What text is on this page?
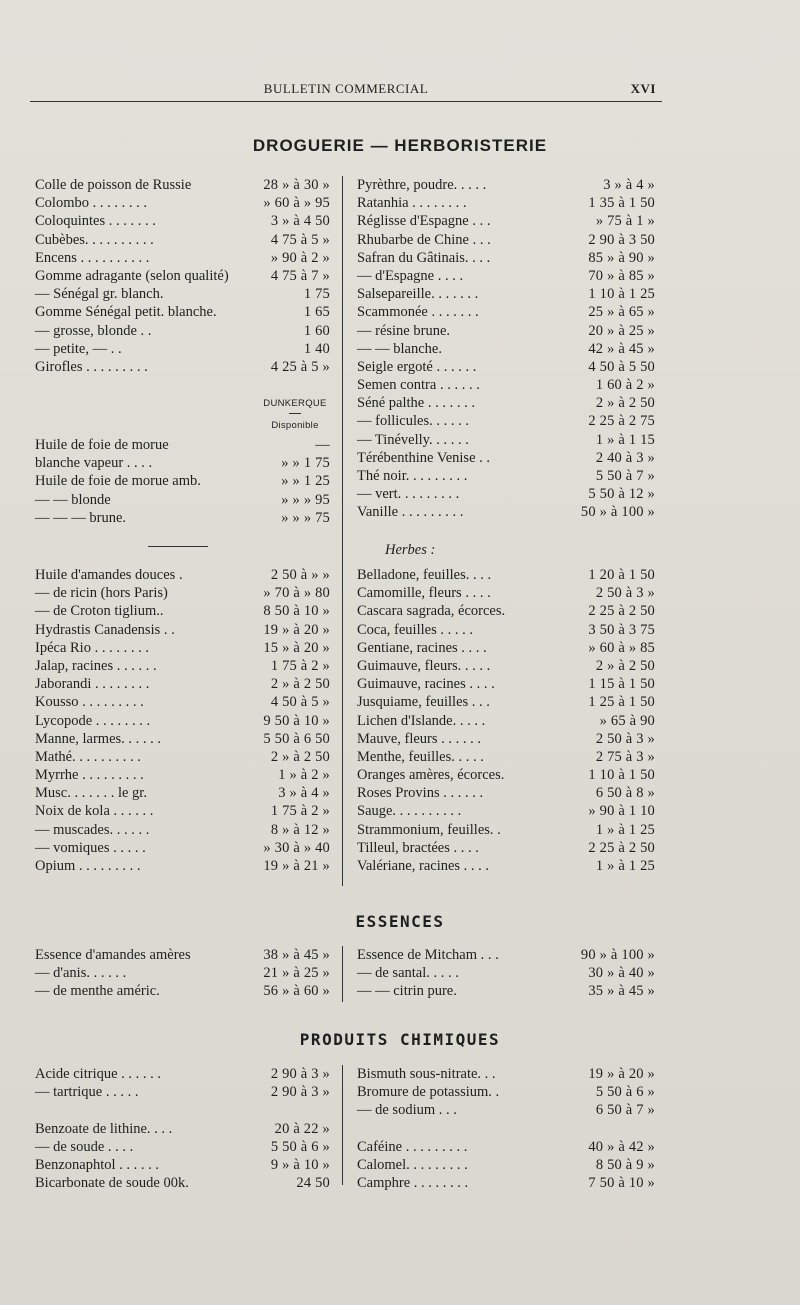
BULLETIN COMMERCIAL	XVI
DROGUERIE — HERBORISTERIE
Colle de poisson de Russie	28 » à 30 »
Colombo . . . . . . . .	» 60 à » 95
Coloquintes . . . . . . .	3 » à 4 50
Cubèbes. . . . . . . . . .	4 75 à 5 »
Encens . . . . . . . . . .	» 90 à 2 »
Gomme adragante (selon qualité)	4 75 à 7 »
— Sénégal gr. blanch.	1 75
Gomme Sénégal petit. blanche.	1 65
— grosse, blonde . .	1 60
— petite, — . .	1 40
Girofles . . . . . . . . .	4 25 à 5 »
DUNKERQUE
Disponible
Huile de foie de morue	—
blanche vapeur . . . .	» » 1 75
Huile de foie de morue amb.	» » 1 25
— — blonde	» » » 95
— — — brune.	» » » 75
Huile d'amandes douces .	2 50 à » »
— de ricin (hors Paris)	» 70 à » 80
— de Croton tiglium..	8 50 à 10 »
Hydrastis Canadensis . .	19 » à 20 »
Ipéca Rio . . . . . . . .	15 » à 20 »
Jalap, racines . . . . . .	1 75 à 2 »
Jaborandi . . . . . . . .	2 » à 2 50
Kousso . . . . . . . . .	4 50 à 5 »
Lycopode . . . . . . . .	9 50 à 10 »
Manne, larmes. . . . . .	5 50 à 6 50
Mathé. . . . . . . . . .	2 » à 2 50
Myrrhe . . . . . . . . .	1 » à 2 »
Musc. . . . . . . le gr.	3 » à 4 »
Noix de kola . . . . . .	1 75 à 2 »
— muscades. . . . . .	8 » à 12 »
— vomiques . . . . .	» 30 à » 40
Opium . . . . . . . . .	19 » à 21 »
Pyrèthre, poudre. . . . .	3 » à 4 »
Ratanhia . . . . . . . .	1 35 à 1 50
Réglisse d'Espagne . . .	» 75 à 1 »
Rhubarbe de Chine . . .	2 90 à 3 50
Safran du Gâtinais. . . .	85 » à 90 »
— d'Espagne . . . .	70 » à 85 »
Salsepareille. . . . . . .	1 10 à 1 25
Scammonée . . . . . . .	25 » à 65 »
— résine brune.	20 » à 25 »
— — blanche.	42 » à 45 »
Seigle ergoté . . . . . .	4 50 à 5 50
Semen contra . . . . . .	1 60 à 2 »
Séné palthe . . . . . . .	2 » à 2 50
— follicules. . . . . .	2 25 à 2 75
— Tinévelly. . . . . .	1 » à 1 15
Térébenthine Venise . .	2 40 à 3 »
Thé noir. . . . . . . . .	5 50 à 7 »
— vert. . . . . . . . .	5 50 à 12 »
Vanille . . . . . . . . .	50 » à 100 »
Herbes :
Belladone, feuilles. . . .	1 20 à 1 50
Camomille, fleurs . . . .	2 50 à 3 »
Cascara sagrada, écorces.	2 25 à 2 50
Coca, feuilles . . . . .	3 50 à 3 75
Gentiane, racines . . . .	» 60 à » 85
Guimauve, fleurs. . . . .	2 » à 2 50
Guimauve, racines . . . .	1 15 à 1 50
Jusquiame, feuilles . . .	1 25 à 1 50
Lichen d'Islande. . . . .	» 65 à 90
Mauve, fleurs . . . . . .	2 50 à 3 »
Menthe, feuilles. . . . .	2 75 à 3 »
Oranges amères, écorces.	1 10 à 1 50
Roses Provins . . . . . .	6 50 à 8 »
Sauge. . . . . . . . . .	» 90 à 1 10
Strammonium, feuilles. .	1 » à 1 25
Tilleul, bractées . . . .	2 25 à 2 50
Valériane, racines . . . .	1 » à 1 25
ESSENCES
Essence d'amandes amères	38 » à 45 »
— d'anis. . . . . .	21 » à 25 »
— de menthe améric.	56 » à 60 »
Essence de Mitcham . . .	90 » à 100 »
— de santal. . . . .	30 » à 40 »
— — citrin pure.	35 » à 45 »
PRODUITS CHIMIQUES
Acide citrique . . . . . .	2 90 à 3 »
— tartrique . . . . .	2 90 à 3 »
Benzoate de lithine. . . .	20 à 22 »
— de soude . . . .	5 50 à 6 »
Benzonaphtol . . . . . .	9 » à 10 »
Bicarbonate de soude 00k.	24 50
Bismuth sous-nitrate. . .	19 » à 20 »
Bromure de potassium. .	5 50 à 6 »
— de sodium . . .	6 50 à 7 »
Caféine . . . . . . . . .	40 » à 42 »
Calomel. . . . . . . . .	8 50 à 9 »
Camphre . . . . . . . .	7 50 à 10 »
